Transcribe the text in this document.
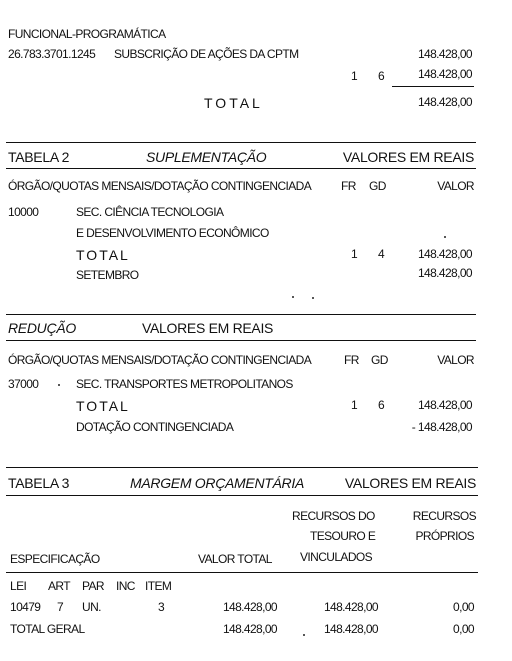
FUNCIONAL-PROGRAMÁTICA
26.783.3701.1245 SUBSCRIÇÃO DE AÇÕES DA CPTM	148.428,00
1 6	148.428,00
TOTAL	148.428,00
TABELA 2	SUPLEMENTAÇÃO	VALORES EM REAIS
ÓRGÃO/QUOTAS MENSAIS/DOTAÇÃO CONTINGENCIADA FR GD	VALOR
10000	SEC. CIÊNCIA TECNOLOGIA
E DESENVOLVIMENTO ECONÔMICO
TOTAL	1 4	148.428,00
SETEMBRO	148.428,00
REDUÇÃO	VALORES EM REAIS
ÓRGÃO/QUOTAS MENSAIS/DOTAÇÃO CONTINGENCIADA	FR GD	VALOR
37000	SEC. TRANSPORTES METROPOLITANOS
TOTAL	1 6	148.428,00
DOTAÇÃO CONTINGENCIADA	- 148.428,00
TABELA 3	MARGEM ORÇAMENTÁRIA	VALORES EM REAIS
RECURSOS DO
TESOURO E
VINCULADOS
RECURSOS
PRÓPRIOS
ESPECIFICAÇÃO	VALOR TOTAL
LEI ART PAR INC ITEM
10479 7 UN.	3	148.428,00	148.428,00	0,00
TOTAL GERAL	148.428,00	148.428,00	0,00
